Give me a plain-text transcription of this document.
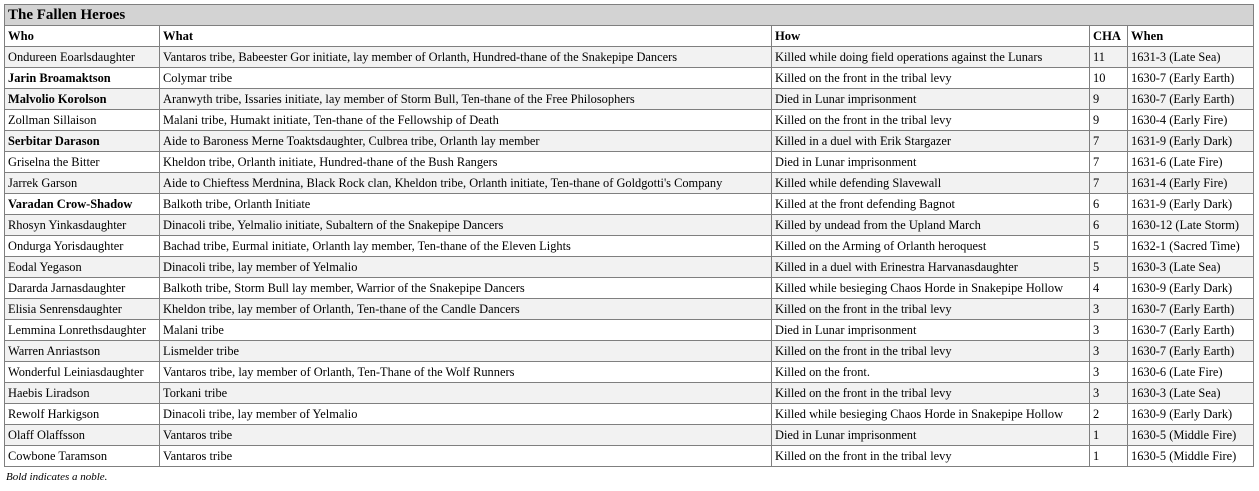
The Fallen Heroes				
Who	What	How	CHA	When
Ondureen Eoarlsdaughter	Vantaros tribe, Babeester Gor initiate, lay member of Orlanth, Hundred-thane of the Snakepipe Dancers	Killed while doing field operations against the Lunars	11	1631-3 (Late Sea)
Jarin Broamaktson	Colymar tribe	Killed on the front in the tribal levy	10	1630-7 (Early Earth)
Malvolio Korolson	Aranwyth tribe, Issaries initiate, lay member of Storm Bull, Ten-thane of the Free Philosophers	Died in Lunar imprisonment	9	1630-7 (Early Earth)
Zollman Sillaison	Malani tribe, Humakt initiate, Ten-thane of the Fellowship of Death	Killed on the front in the tribal levy	9	1630-4 (Early Fire)
Serbitar Darason	Aide to Baroness Merne Toaktsdaughter, Culbrea tribe, Orlanth lay member	Killed in a duel with Erik Stargazer	7	1631-9 (Early Dark)
Griselna the Bitter	Kheldon tribe, Orlanth initiate, Hundred-thane of the Bush Rangers	Died in Lunar imprisonment	7	1631-6 (Late Fire)
Jarrek Garson	Aide to Chieftess Merdnina, Black Rock clan, Kheldon tribe, Orlanth initiate, Ten-thane of Goldgotti's Company	Killed while defending Slavewall	7	1631-4 (Early Fire)
Varadan Crow-Shadow	Balkoth tribe, Orlanth Initiate	Killed at the front defending Bagnot	6	1631-9 (Early Dark)
Rhosyn Yinkasdaughter	Dinacoli tribe, Yelmalio initiate, Subaltern of the Snakepipe Dancers	Killed by undead from the Upland March	6	1630-12 (Late Storm)
Ondurga Yorisdaughter	Bachad tribe, Eurmal initiate, Orlanth lay member, Ten-thane of the Eleven Lights	Killed on the Arming of Orlanth heroquest	5	1632-1 (Sacred Time)
Eodal Yegason	Dinacoli tribe, lay member of Yelmalio	Killed in a duel with Erinestra Harvanasdaughter	5	1630-3 (Late Sea)
Dararda Jarnasdaughter	Balkoth tribe, Storm Bull lay member, Warrior of the Snakepipe Dancers	Killed while besieging Chaos Horde in Snakepipe Hollow	4	1630-9 (Early Dark)
Elisia Senrensdaughter	Kheldon tribe, lay member of Orlanth, Ten-thane of the Candle Dancers	Killed on the front in the tribal levy	3	1630-7 (Early Earth)
Lemmina Lonrethsdaughter	Malani tribe	Died in Lunar imprisonment	3	1630-7 (Early Earth)
Warren Anriastson	Lismelder tribe	Killed on the front in the tribal levy	3	1630-7 (Early Earth)
Wonderful Leiniasdaughter	Vantaros tribe, lay member of Orlanth, Ten-Thane of the Wolf Runners	Killed on the front.	3	1630-6 (Late Fire)
Haebis Liradson	Torkani tribe	Killed on the front in the tribal levy	3	1630-3 (Late Sea)
Rewolf Harkigson	Dinacoli tribe, lay member of Yelmalio	Killed while besieging Chaos Horde in Snakepipe Hollow	2	1630-9 (Early Dark)
Olaff Olaffsson	Vantaros tribe	Died in Lunar imprisonment	1	1630-5 (Middle Fire)
Cowbone Taramson	Vantaros tribe	Killed on the front in the tribal levy	1	1630-5 (Middle Fire)
Bold indicates a noble.
